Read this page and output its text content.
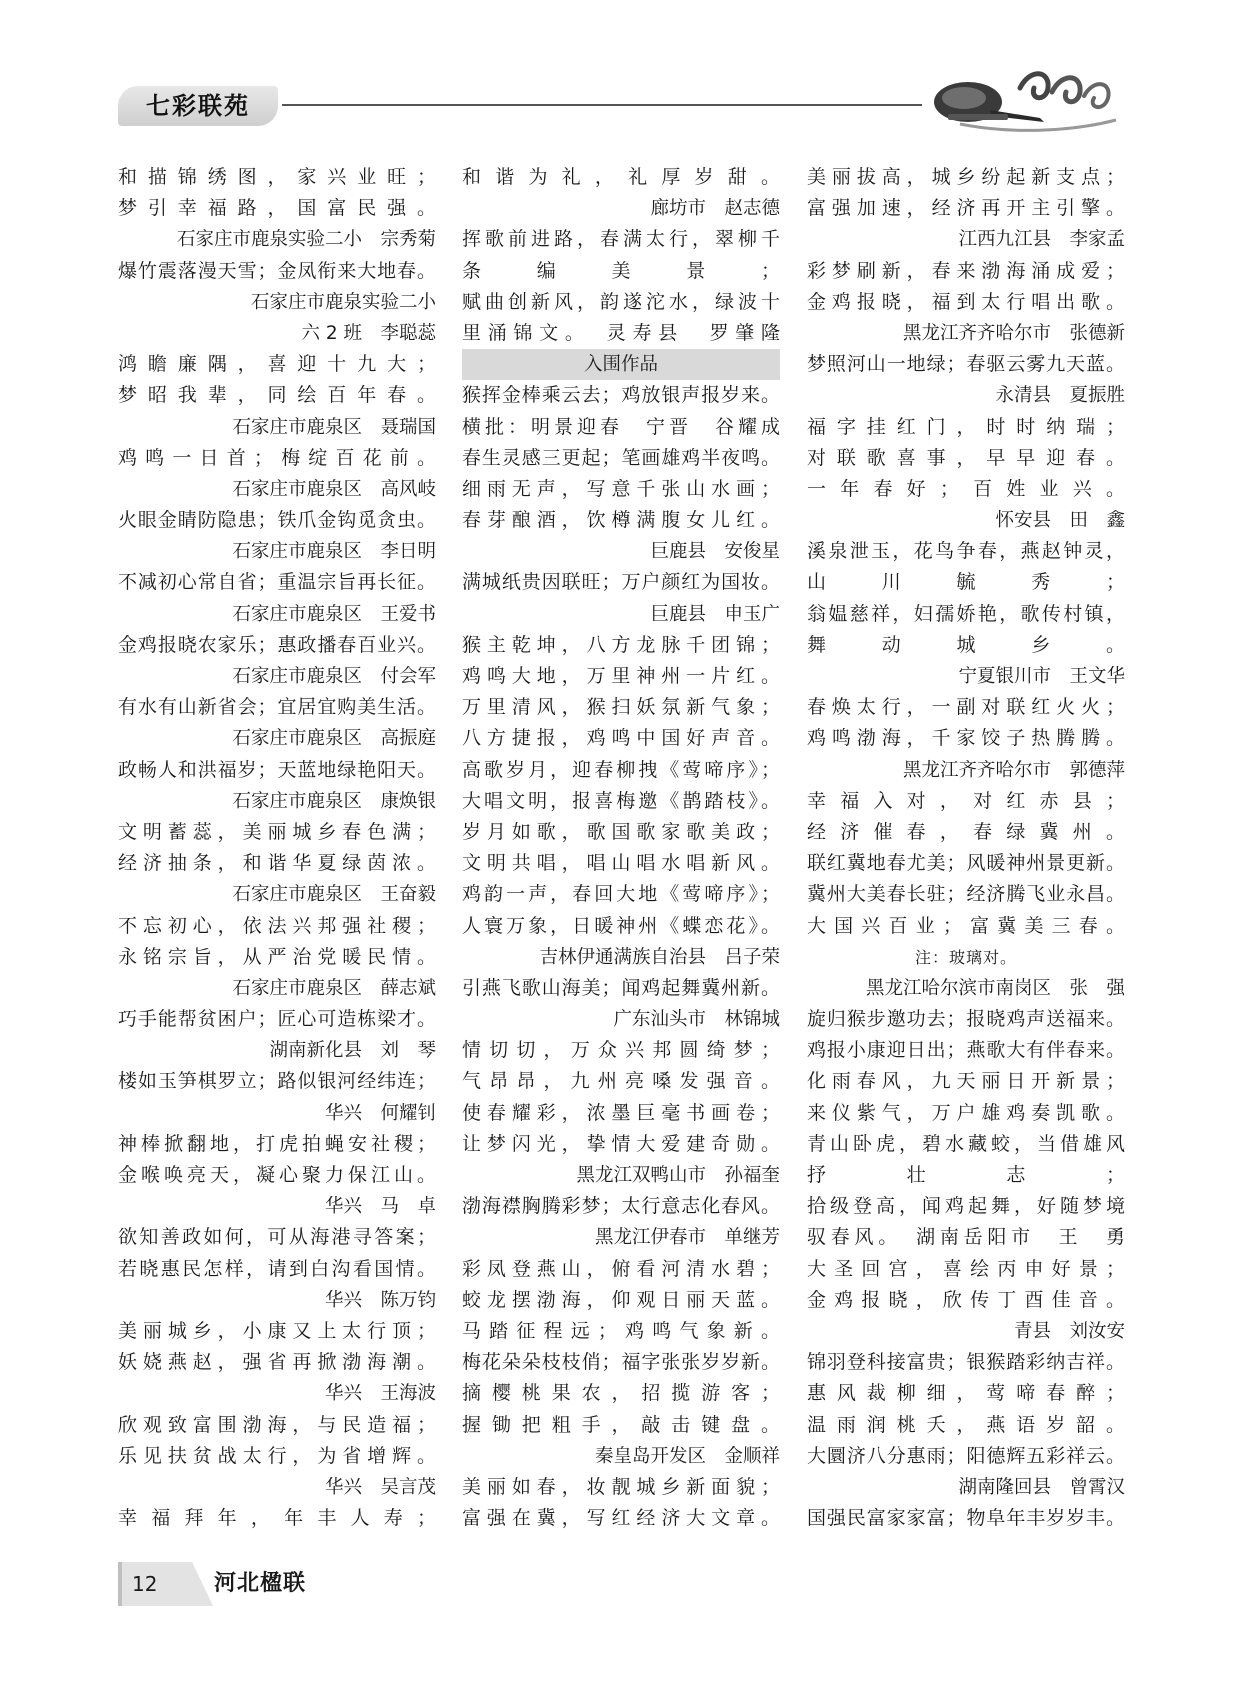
七彩联苑
和描锦绣图，家兴业旺；
梦引幸福路，国富民强。
石家庄市鹿泉实验二小　宗秀菊
爆竹震落漫天雪；金凤衔来大地春。
石家庄市鹿泉实验二小
六 2 班　李聪蕊
鸿瞻廉隅，喜迎十九大；
梦昭我辈，同绘百年春。
石家庄市鹿泉区　聂瑞国
鸡鸣一日首；梅绽百花前。
石家庄市鹿泉区　高风岐
火眼金睛防隐患；铁爪金钩觅贪虫。
石家庄市鹿泉区　李日明
不减初心常自省；重温宗旨再长征。
石家庄市鹿泉区　王爱书
金鸡报晓农家乐；惠政播春百业兴。
石家庄市鹿泉区　付会军
有水有山新省会；宜居宜购美生活。
石家庄市鹿泉区　高振庭
政畅人和洪福岁；天蓝地绿艳阳天。
石家庄市鹿泉区　康焕银
文明蓄蕊，美丽城乡春色满；
经济抽条，和谐华夏绿茵浓。
石家庄市鹿泉区　王奋毅
不忘初心，依法兴邦强社稷；
永铭宗旨，从严治党暖民情。
石家庄市鹿泉区　薛志斌
巧手能帮贫困户；匠心可造栋梁才。
湖南新化县　刘　琴
楼如玉笋棋罗立；路似银河经纬连；
华兴　何耀钊
神棒掀翻地，打虎拍蝇安社稷；
金喉唤亮天，凝心聚力保江山。
华兴　马　卓
欲知善政如何，可从海港寻答案；
若晓惠民怎样，请到白沟看国情。
华兴　陈万钧
美丽城乡，小康又上太行顶；
妖娆燕赵，强省再掀渤海潮。
华兴　王海波
欣观致富围渤海，与民造福；
乐见扶贫战太行，为省增辉。
华兴　吴言茂
幸福拜年，年丰人寿；
和谐为礼，礼厚岁甜。
廊坊市　赵志德
挥歌前进路，春满太行，翠柳千
条编美景；
赋曲创新风，韵遂沱水，绿波十
里涌锦文。　灵寿县　罗肇隆
入围作品
猴挥金棒乘云去；鸡放银声报岁来。
横批：明景迎春　宁晋　谷耀成
春生灵感三更起；笔画雄鸡半夜鸣。
细雨无声，写意千张山水画；
春芽酿酒，饮樽满腹女儿红。
巨鹿县　安俊星
满城纸贵因联旺；万户颜红为国妆。
巨鹿县　申玉广
猴主乾坤，八方龙脉千团锦；
鸡鸣大地，万里神州一片红。
万里清风，猴扫妖氛新气象；
八方捷报，鸡鸣中国好声音。
高歌岁月，迎春柳拽《莺啼序》；
大唱文明，报喜梅邀《鹊踏枝》。
岁月如歌，歌国歌家歌美政；
文明共唱，唱山唱水唱新风。
鸡韵一声，春回大地《莺啼序》；
人寰万象，日暖神州《蝶恋花》。
吉林伊通满族自治县　吕子荣
引燕飞歌山海美；闻鸡起舞冀州新。
广东汕头市　林锦城
情切切，万众兴邦圆绮梦；
气昂昂，九州亮嗓发强音。
使春耀彩，浓墨巨毫书画卷；
让梦闪光，挚情大爱建奇勋。
黑龙江双鸭山市　孙福奎
渤海襟胸腾彩梦；太行意志化春风。
黑龙江伊春市　单继芳
彩凤登燕山，俯看河清水碧；
蛟龙摆渤海，仰观日丽天蓝。
马踏征程远；鸡鸣气象新。
梅花朵朵枝枝俏；福字张张岁岁新。
摘樱桃果农，招揽游客；
握锄把粗手，敲击键盘。
秦皇岛开发区　金顺祥
美丽如春，妆靓城乡新面貌；
富强在冀，写红经济大文章。
美丽拔高，城乡纷起新支点；
富强加速，经济再开主引擎。
江西九江县　李家孟
彩梦刷新，春来渤海涌成爱；
金鸡报晓，福到太行唱出歌。
黑龙江齐齐哈尔市　张德新
梦照河山一地绿；春驱云雾九天蓝。
永清县　夏振胜
福字挂红门，时时纳瑞；
对联歌喜事，早早迎春。
一年春好；百姓业兴。
怀安县　田　鑫
溪泉泄玉，花鸟争春，燕赵钟灵，
山川毓秀；
翁媪慈祥，妇孺娇艳，歌传村镇，
舞动城乡。
宁夏银川市　王文华
春焕太行，一副对联红火火；
鸡鸣渤海，千家饺子热腾腾。
黑龙江齐齐哈尔市　郭德萍
幸福入对，对红赤县；
经济催春，春绿冀州。
联红冀地春尤美；风暖神州景更新。
冀州大美春长驻；经济腾飞业永昌。
大国兴百业；富冀美三春。
注：玻璃对。
黑龙江哈尔滨市南岗区　张　强
旋归猴步邀功去；报晓鸡声送福来。
鸡报小康迎日出；燕歌大有伴春来。
化雨春风，九天丽日开新景；
来仪紫气，万户雄鸡奏凯歌。
青山卧虎，碧水藏蛟，当借雄风
抒壮志；
拾级登高，闻鸡起舞，好随梦境
驭春风。　湖南岳阳市　王　勇
大圣回宫，喜绘丙申好景；
金鸡报晓，欣传丁酉佳音。
青县　刘汝安
锦羽登科接富贵；银猴踏彩纳吉祥。
惠风裁柳细，莺啼春醉；
温雨润桃夭，燕语岁韶。
大圜济八分惠雨；阳德辉五彩祥云。
湖南隆回县　曾霄汉
国强民富家家富；物阜年丰岁岁丰。
12	河北楹联
